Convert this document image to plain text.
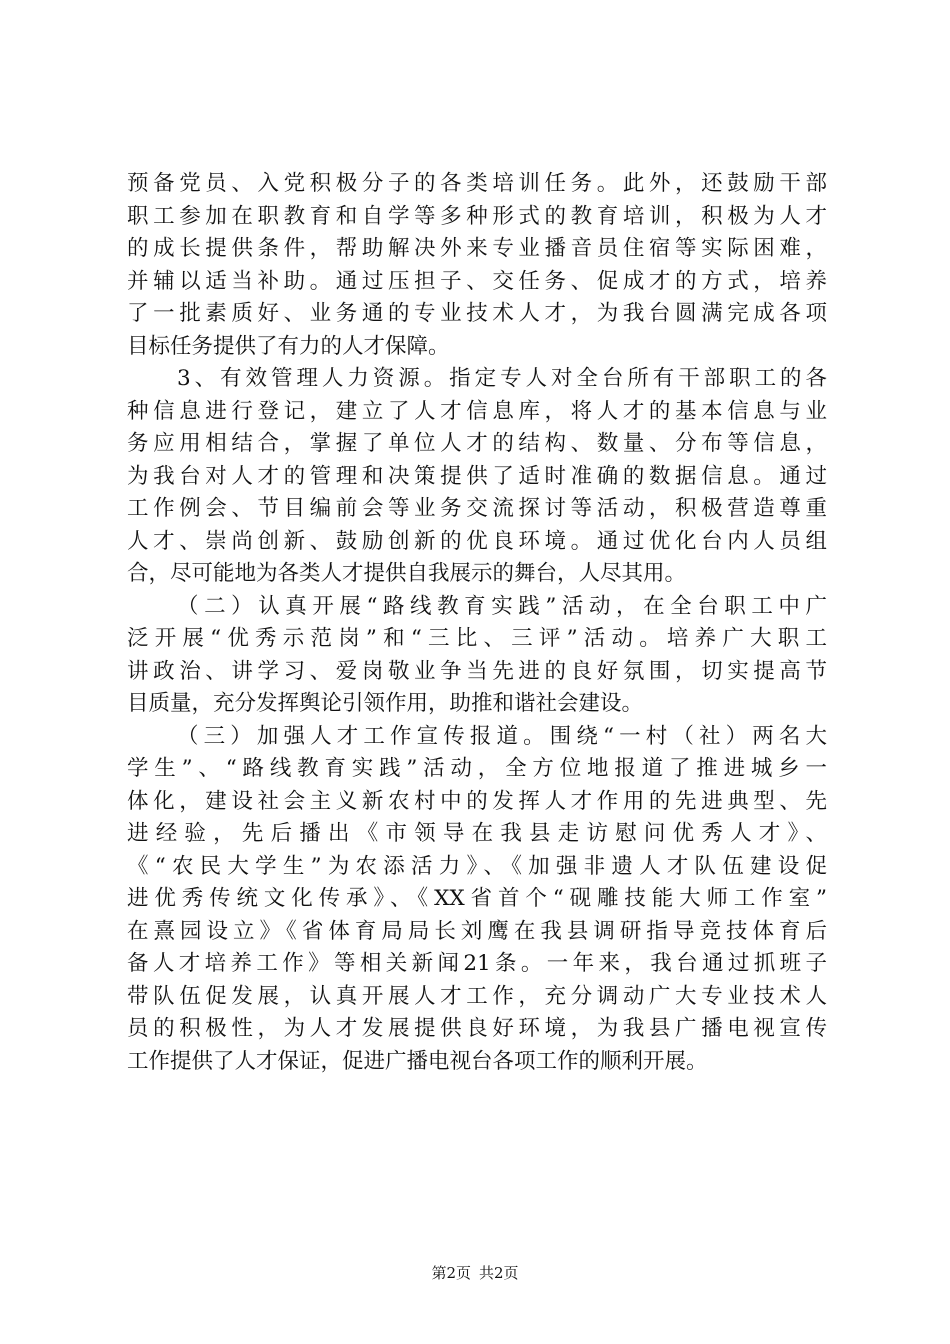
预备党员、入党积极分子的各类培训任务。此外，还鼓励干部
职工参加在职教育和自学等多种形式的教育培训，积极为人才
的成长提供条件，帮助解决外来专业播音员住宿等实际困难，
并辅以适当补助。通过压担子、交任务、促成才的方式，培养
了一批素质好、业务通的专业技术人才，为我台圆满完成各项
目标任务提供了有力的人才保障。
3、有效管理人力资源。指定专人对全台所有干部职工的各
种信息进行登记，建立了人才信息库，将人才的基本信息与业
务应用相结合，掌握了单位人才的结构、数量、分布等信息，
为我台对人才的管理和决策提供了适时准确的数据信息。通过
工作例会、节目编前会等业务交流探讨等活动，积极营造尊重
人才、崇尚创新、鼓励创新的优良环境。通过优化台内人员组
合，尽可能地为各类人才提供自我展示的舞台，人尽其用。
（二）认真开展“路线教育实践”活动，在全台职工中广
泛开展“优秀示范岗”和“三比、三评”活动。培养广大职工
讲政治、讲学习、爱岗敬业争当先进的良好氛围，切实提高节
目质量，充分发挥舆论引领作用，助推和谐社会建设。
（三）加强人才工作宣传报道。围绕“一村（社）两名大
学生”、“路线教育实践”活动，全方位地报道了推进城乡一
体化，建设社会主义新农村中的发挥人才作用的先进典型、先
进经验，先后播出《市领导在我县走访慰问优秀人才》、
《“农民大学生”为农添活力》、《加强非遗人才队伍建设促
进优秀传统文化传承》、《XX省首个“砚雕技能大师工作室”
在熹园设立》《省体育局局长刘鹰在我县调研指导竞技体育后
备人才培养工作》等相关新闻21条。一年来，我台通过抓班子
带队伍促发展，认真开展人才工作，充分调动广大专业技术人
员的积极性，为人才发展提供良好环境，为我县广播电视宣传
工作提供了人才保证，促进广播电视台各项工作的顺利开展。
第2页 共2页
